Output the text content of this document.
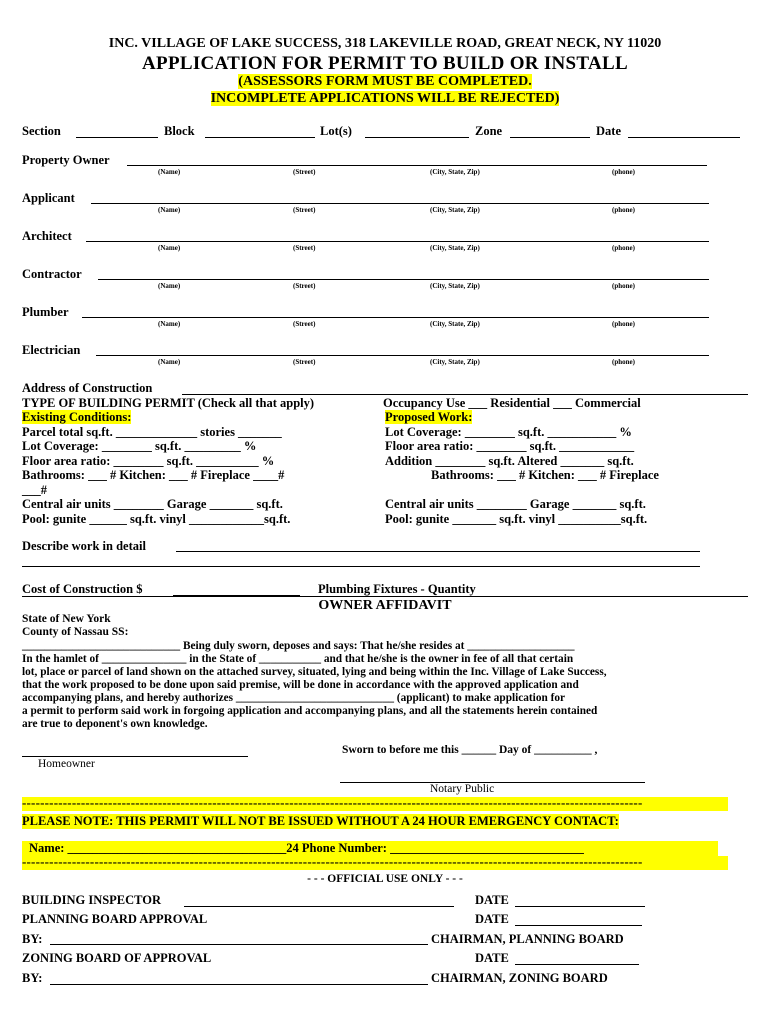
INC. VILLAGE OF LAKE SUCCESS, 318 LAKEVILLE ROAD, GREAT NECK, NY 11020
APPLICATION FOR PERMIT TO BUILD OR INSTALL
(ASSESSORS FORM MUST BE COMPLETED.
INCOMPLETE APPLICATIONS WILL BE REJECTED)
Section	Block	Lot(s)	Zone	Date
Property Owner
(Name)	(Street)	(City, State, Zip)	(phone)
Applicant
(Name)	(Street)	(City, State, Zip)	(phone)
Architect
(Name)	(Street)	(City, State, Zip)	(phone)
Contractor
(Name)	(Street)	(City, State, Zip)	(phone)
Plumber
(Name)	(Street)	(City, State, Zip)	(phone)
Electrician
(Name)	(Street)	(City, State, Zip)	(phone)
Address of Construction
TYPE OF BUILDING PERMIT (Check all that apply)	Occupancy Use ___ Residential ___ Commercial
Existing Conditions:
Parcel total sq.ft. _____________ stories _______
Lot Coverage: ________ sq.ft. _________ %
Floor area ratio: ________ sq.ft. __________ %
Bathrooms: ___ # Kitchen: ___ # Fireplace ____#
___#
Central air units ________ Garage _______ sq.ft.
Pool: gunite ______ sq.ft. vinyl ____________sq.ft.
Proposed Work:
Lot Coverage: ________ sq.ft. ___________ %
Floor area ratio: ________ sq.ft. ____________
Addition ________ sq.ft. Altered _______ sq.ft.
Bathrooms: ___ # Kitchen: ___ # Fireplace

Central air units ________ Garage _______ sq.ft.
Pool: gunite _______ sq.ft. vinyl __________sq.ft.
Describe work in detail
Cost of Construction $	Plumbing Fixtures - Quantity
OWNER AFFIDAVIT
State of New York
County of Nassau SS:
____________________________ Being duly sworn, deposes and says: That he/she resides at ___________________
In the hamlet of _______________ in the State of ___________ and that he/she is the owner in fee of all that certain
lot, place or parcel of land shown on the attached survey, situated, lying and being within the Inc. Village of Lake Success,
that the work proposed to be done upon said premise, will be done in accordance with the approved application and
accompanying plans, and hereby authorizes ____________________________ (applicant) to make application for
a permit to perform said work in forgoing application and accompanying plans, and all the statements herein contained
are true to deponent's own knowledge.
Sworn to before me this ______ Day of __________ ,
Homeowner
Notary Public
-----------------------------------------------------------------------------------------------------------------------------------------
PLEASE NOTE: THIS PERMIT WILL NOT BE ISSUED WITHOUT A 24 HOUR EMERGENCY CONTACT:
Name: ___________________________________24 Phone Number: _______________________________
-----------------------------------------------------------------------------------------------------------------------------------------
- - - OFFICIAL USE ONLY - - -
BUILDING INSPECTOR	DATE
PLANNING BOARD APPROVAL	DATE
BY:	CHAIRMAN, PLANNING BOARD
ZONING BOARD OF APPROVAL	DATE
BY:	CHAIRMAN, ZONING BOARD
